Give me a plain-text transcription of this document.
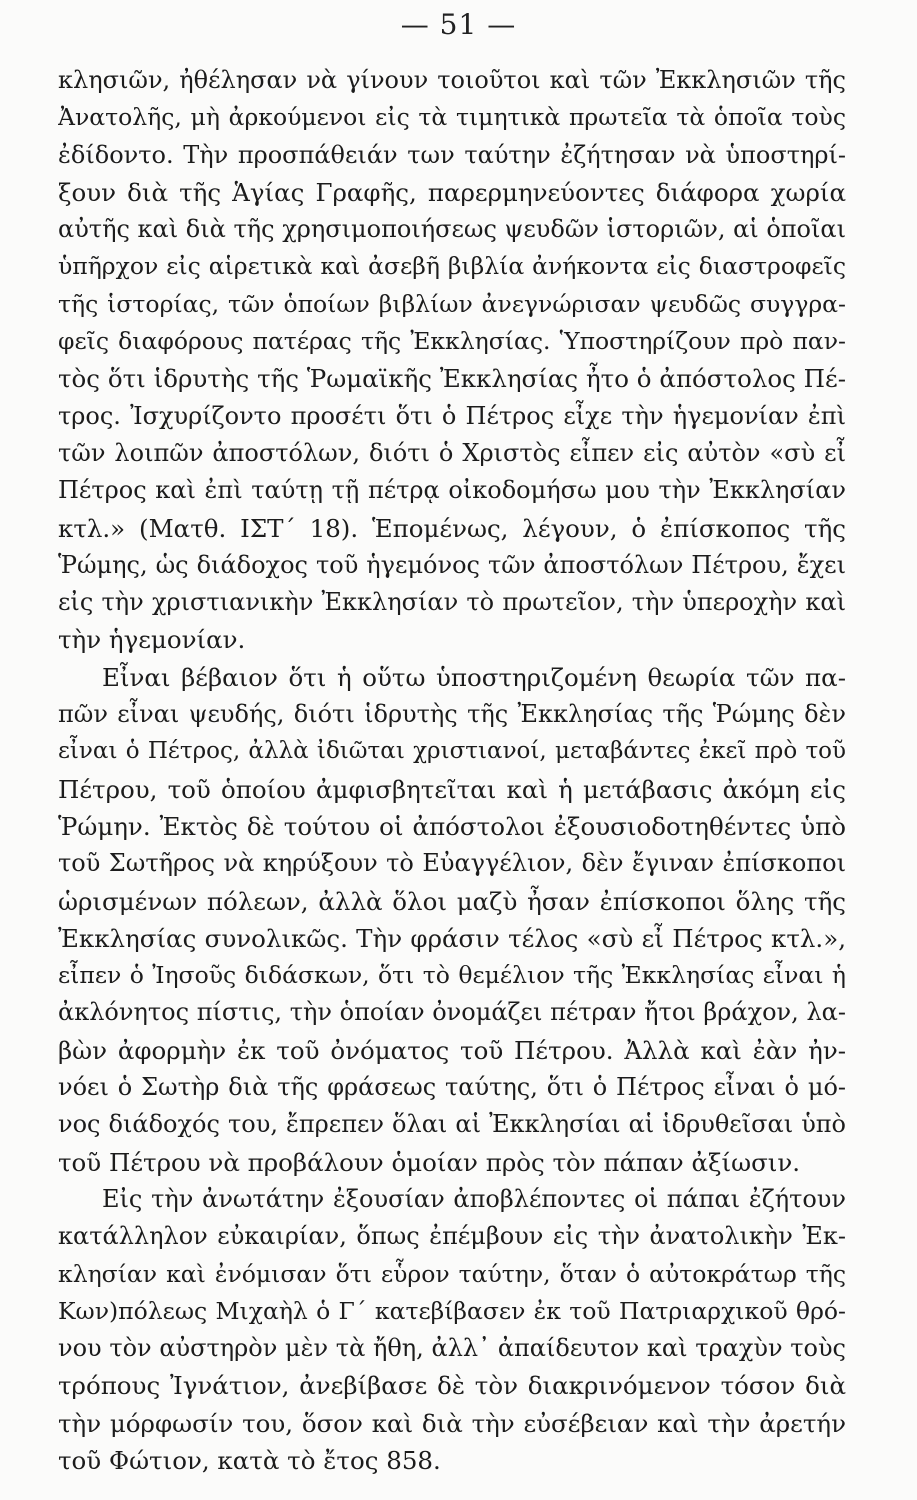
— 51 —
κλησιῶν, ἠθέλησαν νὰ γίνουν τοιοῦτοι καὶ τῶν Ἐκκλησιῶν τῆς
Ἀνατολῆς, μὴ ἀρκούμενοι εἰς τὰ τιμητικὰ πρωτεῖα τὰ ὁποῖα τοὺς
ἐδίδοντο. Τὴν προσπάθειάν των ταύτην ἐζήτησαν νὰ ὑποστηρί-
ξουν διὰ τῆς Ἁγίας Γραφῆς, παρερμηνεύοντες διάφορα χωρία
αὐτῆς καὶ διὰ τῆς χρησιμοποιήσεως ψευδῶν ἱστοριῶν, αἱ ὁποῖαι
ὑπῆρχον εἰς αἱρετικὰ καὶ ἀσεβῆ βιβλία ἀνήκοντα εἰς διαστροφεῖς
τῆς ἱστορίας, τῶν ὁποίων βιβλίων ἀνεγνώρισαν ψευδῶς συγγρα-
φεῖς διαφόρους πατέρας τῆς Ἐκκλησίας. Ὑποστηρίζουν πρὸ παν-
τὸς ὅτι ἱδρυτὴς τῆς Ῥωμαϊκῆς Ἐκκλησίας ἦτο ὁ ἀπόστολος Πέ-
τρος. Ἰσχυρίζοντο προσέτι ὅτι ὁ Πέτρος εἶχε τὴν ἡγεμονίαν ἐπὶ
τῶν λοιπῶν ἀποστόλων, διότι ὁ Χριστὸς εἶπεν εἰς αὐτὸν «σὺ εἶ
Πέτρος καὶ ἐπὶ ταύτῃ τῇ πέτρᾳ οἰκοδομήσω μου τὴν Ἐκκλησίαν
κτλ.» (Ματθ. ΙΣΤ΄ 18). Ἑπομένως, λέγουν, ὁ ἐπίσκοπος τῆς
Ῥώμης, ὡς διάδοχος τοῦ ἡγεμόνος τῶν ἀποστόλων Πέτρου, ἔχει
εἰς τὴν χριστιανικὴν Ἐκκλησίαν τὸ πρωτεῖον, τὴν ὑπεροχὴν καὶ
τὴν ἡγεμονίαν.
Εἶναι βέβαιον ὅτι ἡ οὕτω ὑποστηριζομένη θεωρία τῶν πα-
πῶν εἶναι ψευδής, διότι ἱδρυτὴς τῆς Ἐκκλησίας τῆς Ῥώμης δὲν
εἶναι ὁ Πέτρος, ἀλλὰ ἰδιῶται χριστιανοί, μεταβάντες ἐκεῖ πρὸ τοῦ
Πέτρου, τοῦ ὁποίου ἀμφισβητεῖται καὶ ἡ μετάβασις ἀκόμη εἰς
Ῥώμην. Ἐκτὸς δὲ τούτου οἱ ἀπόστολοι ἐξουσιοδοτηθέντες ὑπὸ
τοῦ Σωτῆρος νὰ κηρύξουν τὸ Εὐαγγέλιον, δὲν ἔγιναν ἐπίσκοποι
ὡρισμένων πόλεων, ἀλλὰ ὅλοι μαζὺ ἦσαν ἐπίσκοποι ὅλης τῆς
Ἐκκλησίας συνολικῶς. Τὴν φράσιν τέλος «σὺ εἶ Πέτρος κτλ.»,
εἶπεν ὁ Ἰησοῦς διδάσκων, ὅτι τὸ θεμέλιον τῆς Ἐκκλησίας εἶναι ἡ
ἀκλόνητος πίστις, τὴν ὁποίαν ὀνομάζει πέτραν ἤτοι βράχον, λα-
βὼν ἀφορμὴν ἐκ τοῦ ὀνόματος τοῦ Πέτρου. Ἀλλὰ καὶ ἐὰν ἠν-
νόει ὁ Σωτὴρ διὰ τῆς φράσεως ταύτης, ὅτι ὁ Πέτρος εἶναι ὁ μό-
νος διάδοχός του, ἔπρεπεν ὅλαι αἱ Ἐκκλησίαι αἱ ἱδρυθεῖσαι ὑπὸ
τοῦ Πέτρου νὰ προβάλουν ὁμοίαν πρὸς τὸν πάπαν ἀξίωσιν.
Εἰς τὴν ἀνωτάτην ἐξουσίαν ἀποβλέποντες οἱ πάπαι ἐζήτουν
κατάλληλον εὐκαιρίαν, ὅπως ἐπέμβουν εἰς τὴν ἀνατολικὴν Ἐκ-
κλησίαν καὶ ἐνόμισαν ὅτι εὗρον ταύτην, ὅταν ὁ αὐτοκράτωρ τῆς
Κων)πόλεως Μιχαὴλ ὁ Γ΄ κατεβίβασεν ἐκ τοῦ Πατριαρχικοῦ θρό-
νου τὸν αὐστηρὸν μὲν τὰ ἤθη, ἀλλ᾽ ἀπαίδευτον καὶ τραχὺν τοὺς
τρόπους Ἰγνάτιον, ἀνεβίβασε δὲ τὸν διακρινόμενον τόσον διὰ
τὴν μόρφωσίν του, ὅσον καὶ διὰ τὴν εὐσέβειαν καὶ τὴν ἀρετήν
τοῦ Φώτιον, κατὰ τὸ ἔτος 858.
